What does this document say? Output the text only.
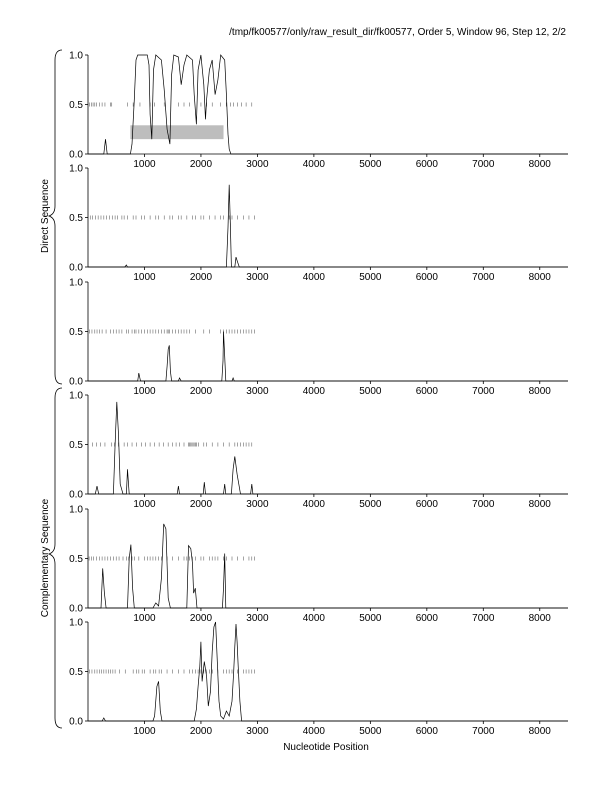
/tmp/fk00577/only/raw_result_dir/fk00577, Order 5, Window 96, Step 12, 2/2
Direct Sequence
Complementary Sequence
0.0
0.5
1.0
1000	2000	3000	4000	5000	6000	7000	8000
0.0
0.5
1.0
1000	2000	3000	4000	5000	6000	7000	8000
0.0
0.5
1.0
1000	2000	3000	4000	5000	6000	7000	8000
0.0
0.5
1.0
1000	2000	3000	4000	5000	6000	7000	8000
0.0
0.5
1.0
1000	2000	3000	4000	5000	6000	7000	8000
0.0
0.5
1.0
1000	2000	3000	4000	5000	6000	7000	8000
Nucleotide Position
